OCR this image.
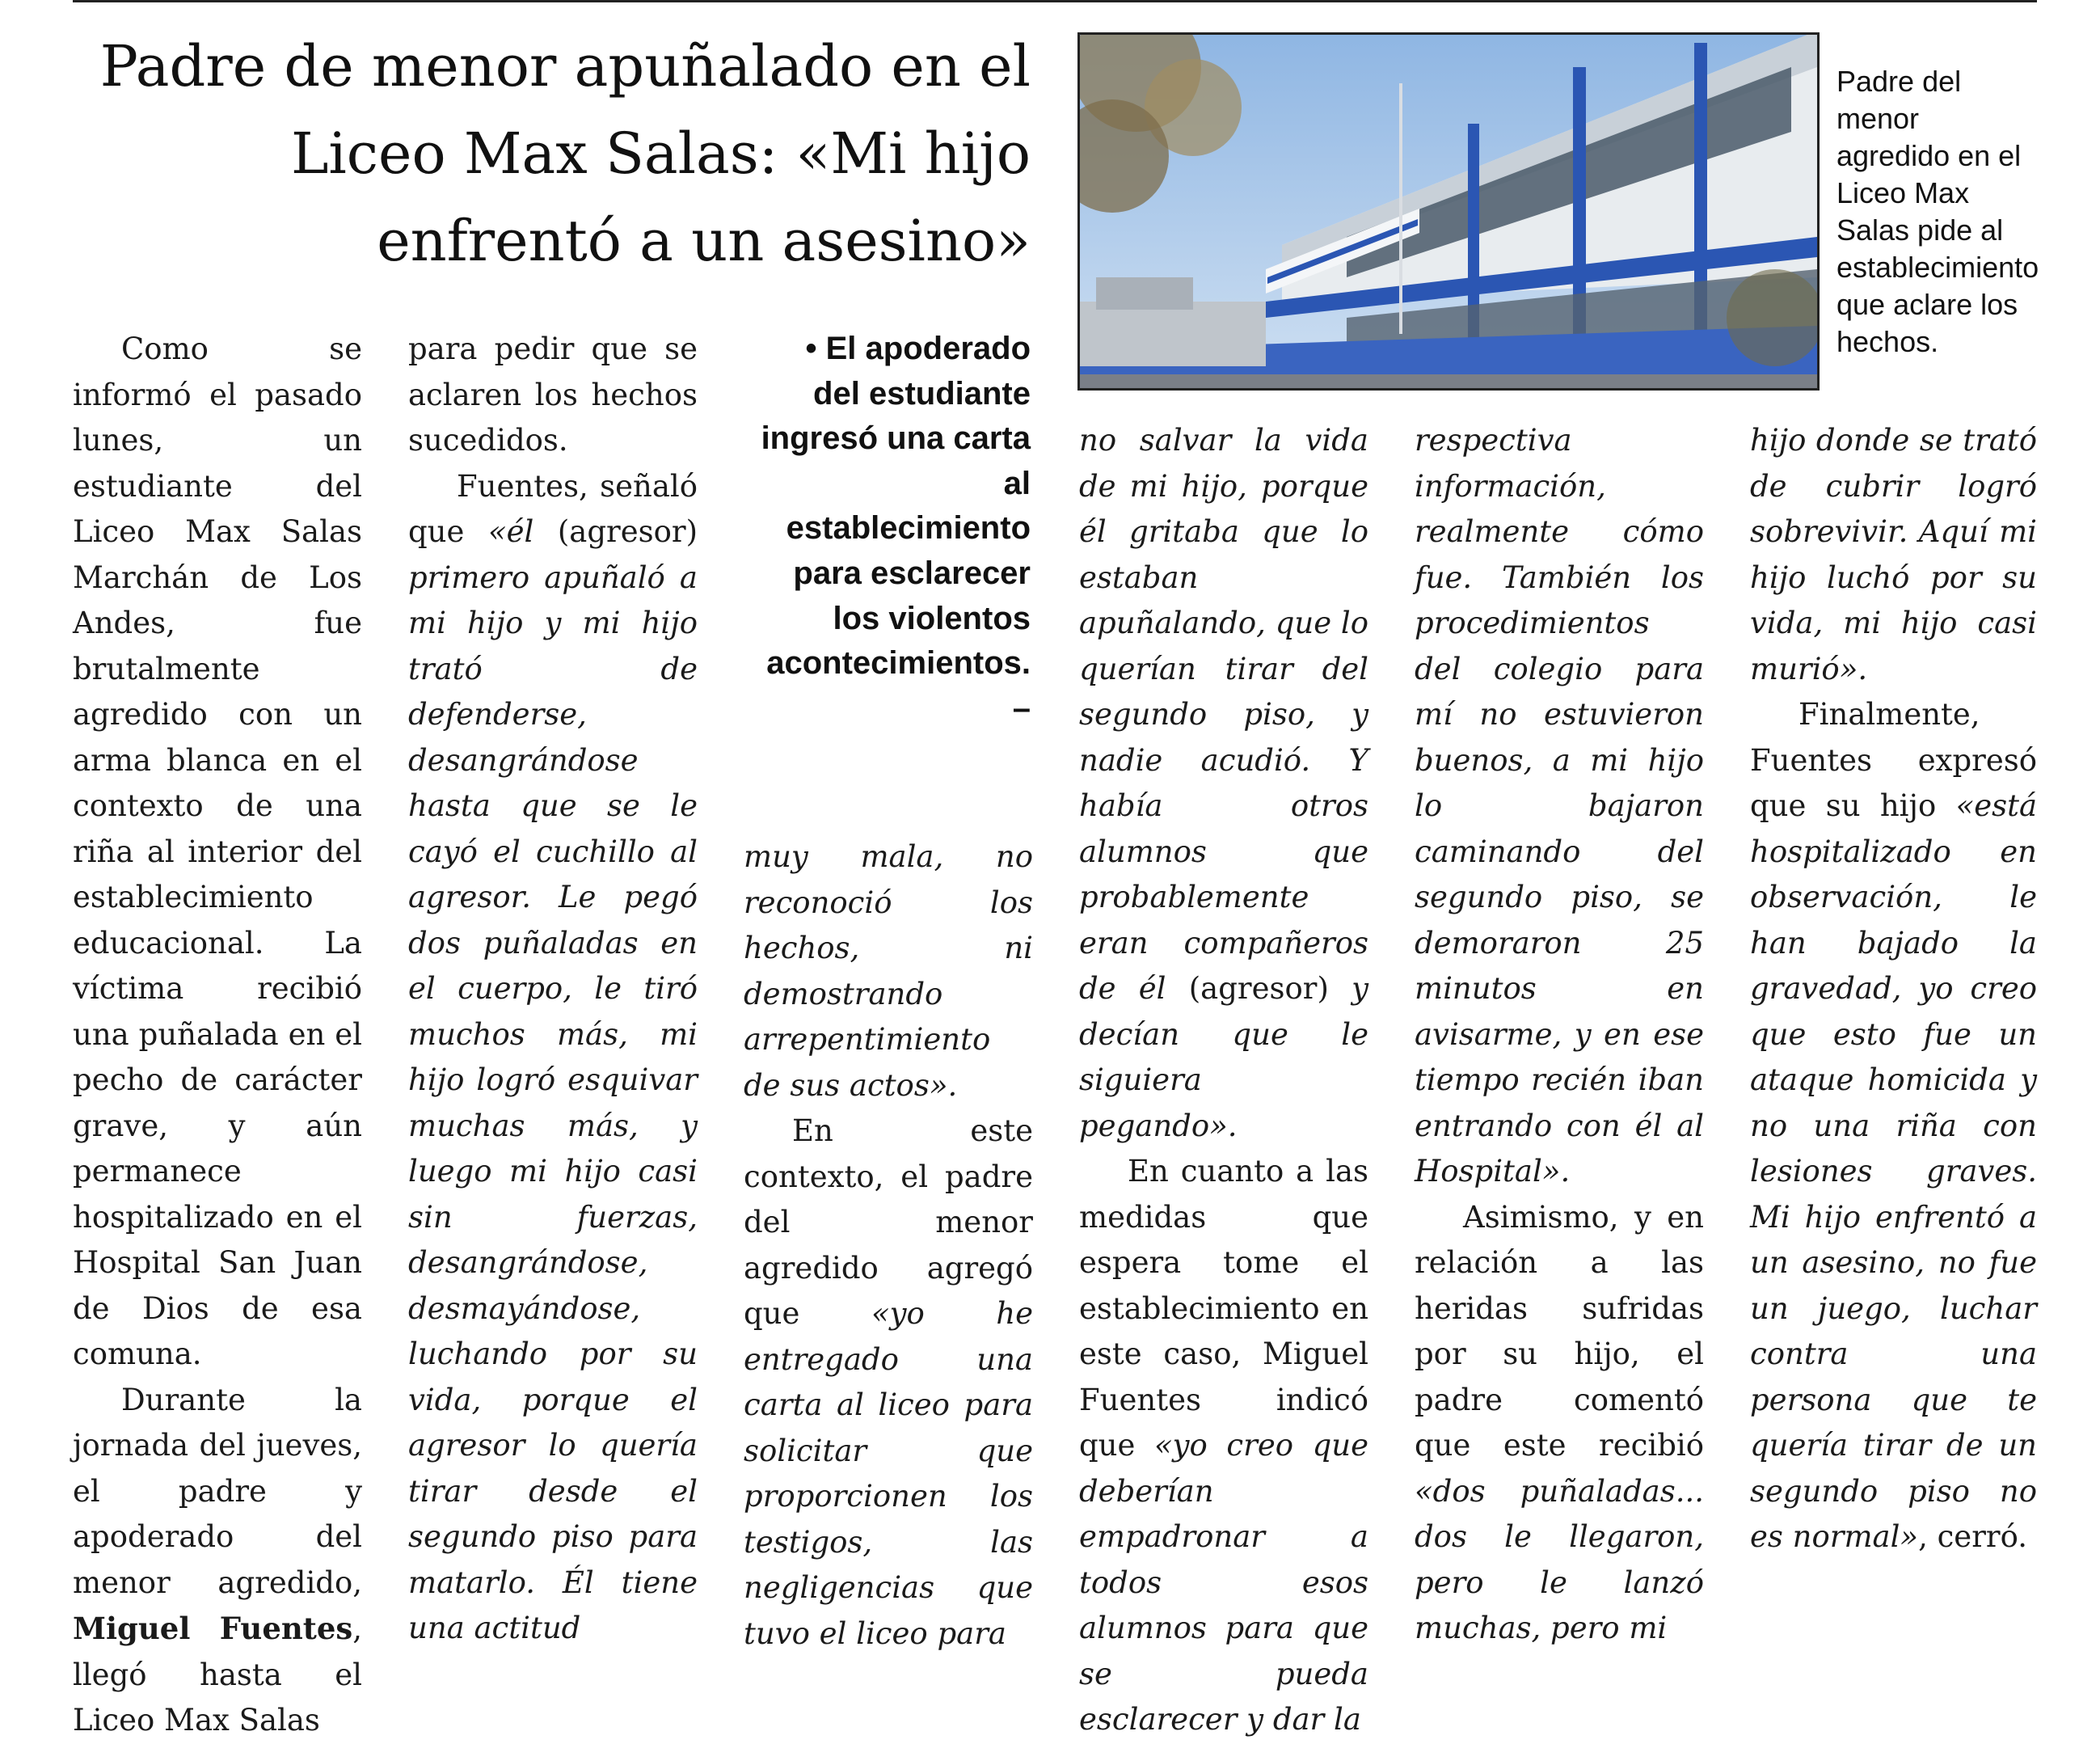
Padre de menor apuñalado en el Liceo Max Salas: «Mi hijo enfrentó a un asesino»
Padre del menor agredido en el Liceo Max Salas pide al establecimiento que aclare los hechos.
• El apoderado del estudiante ingresó una carta al establecimiento para esclarecer los violentos acontecimientos. –

Como se informó el pasado lunes, un estudiante del Liceo Max Salas Marchán de Los Andes, fue brutalmente agredido con un arma blanca en el contexto de una riña al interior del establecimiento educacional. La víctima recibió una puñalada en el pecho de carácter grave, y aún permanece hospitalizado en el Hospital San Juan de Dios de esa comuna.

Durante la jornada del jueves, el padre y apoderado del menor agredido, Miguel Fuentes, llegó hasta el Liceo Max Salas

para pedir que se aclaren los hechos sucedidos.

Fuentes, señaló que «él (agresor) primero apuñaló a mi hijo y mi hijo trató de defenderse, desangrándose hasta que se le cayó el cuchillo al agresor. Le pegó dos puñaladas en el cuerpo, le tiró muchos más, mi hijo logró esquivar muchas más, y luego mi hijo casi sin fuerzas, desangrándose, desmayándose, luchando por su vida, porque el agresor lo quería tirar desde el segundo piso para matarlo. Él tiene una actitud

muy mala, no reconoció los hechos, ni demostrando arrepentimiento de sus actos».

En este contexto, el padre del menor agredido agregó que «yo he entregado una carta al liceo para solicitar que proporcionen los testigos, las negligencias que tuvo el liceo para

no salvar la vida de mi hijo, porque él gritaba que lo estaban apuñalando, que lo querían tirar del segundo piso, y nadie acudió. Y había otros alumnos que probablemente eran compañeros de él (agresor) y decían que le siguiera pegando».

En cuanto a las medidas que espera tome el establecimiento en este caso, Miguel Fuentes indicó que «yo creo que deberían empadronar a todos esos alumnos para que se pueda esclarecer y dar la

respectiva información, realmente cómo fue. También los procedimientos del colegio para mí no estuvieron buenos, a mi hijo lo bajaron caminando del segundo piso, se demoraron 25 minutos en avisarme, y en ese tiempo recién iban entrando con él al Hospital».

Asimismo, y en relación a las heridas sufridas por su hijo, el padre comentó que este recibió «dos puñaladas... dos le llegaron, pero le lanzó muchas, pero mi

hijo donde se trató de cubrir logró sobrevivir. Aquí mi hijo luchó por su vida, mi hijo casi murió».

Finalmente, Fuentes expresó que su hijo «está hospitalizado en observación, le han bajado la gravedad, yo creo que esto fue un ataque homicida y no una riña con lesiones graves. Mi hijo enfrentó a un asesino, no fue un juego, luchar contra una persona que te quería tirar de un segundo piso no es normal», cerró.
